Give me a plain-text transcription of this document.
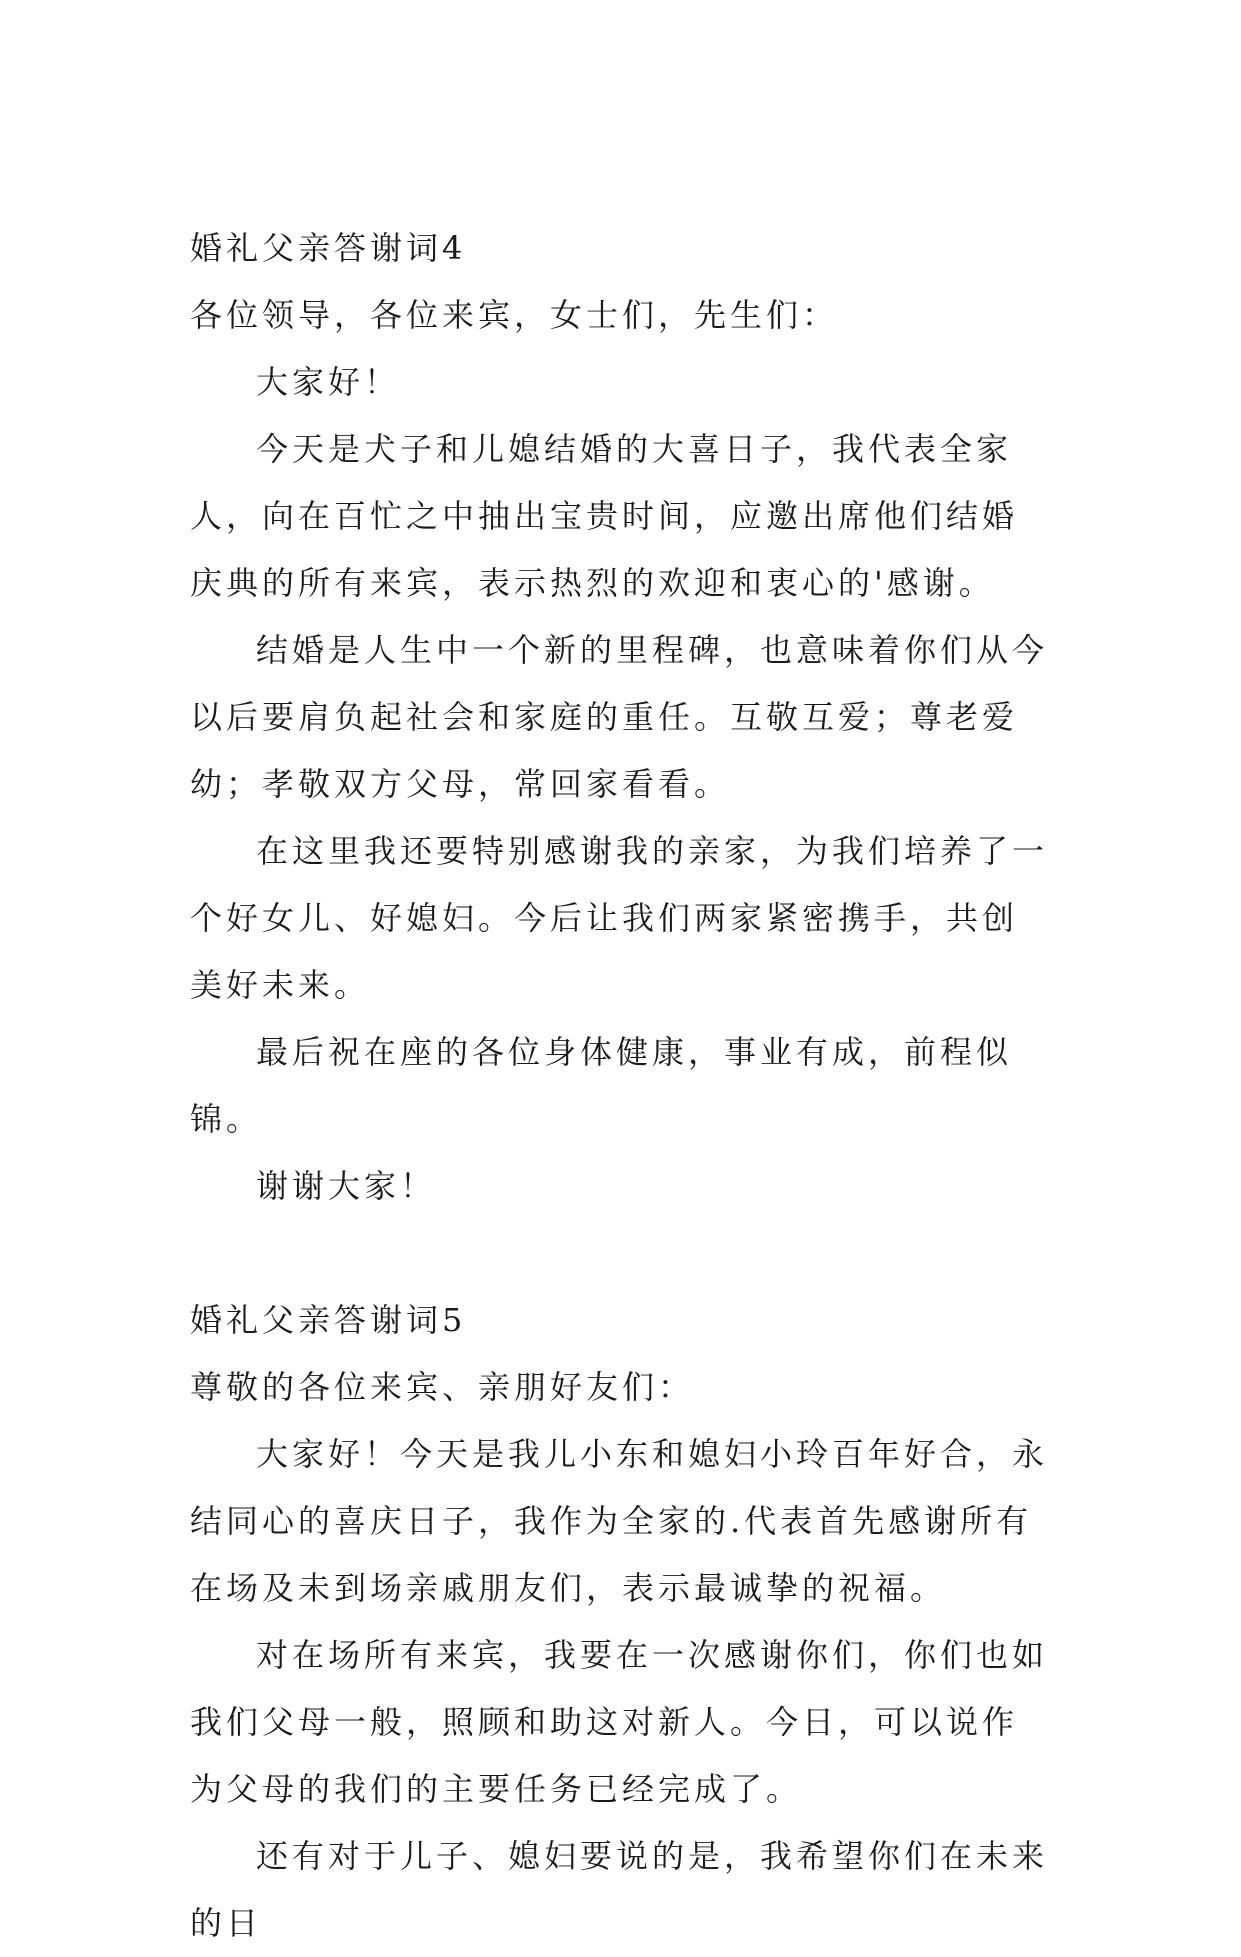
婚礼父亲答谢词4

各位领导，各位来宾，女士们，先生们：

大家好！

今天是犬子和儿媳结婚的大喜日子，我代表全家人，向在百忙之中抽出宝贵时间，应邀出席他们结婚庆典的所有来宾，表示热烈的欢迎和衷心的'感谢。

结婚是人生中一个新的里程碑，也意味着你们从今以后要肩负起社会和家庭的重任。互敬互爱；尊老爱幼；孝敬双方父母，常回家看看。

在这里我还要特别感谢我的亲家，为我们培养了一个好女儿、好媳妇。今后让我们两家紧密携手，共创美好未来。

最后祝在座的各位身体健康，事业有成，前程似锦。

谢谢大家！

婚礼父亲答谢词5

尊敬的各位来宾、亲朋好友们：

大家好！今天是我儿小东和媳妇小玲百年好合，永结同心的喜庆日子，我作为全家的.代表首先感谢所有在场及未到场亲戚朋友们，表示最诚挚的祝福。

对在场所有来宾，我要在一次感谢你们，你们也如我们父母一般，照顾和助这对新人。今日，可以说作为父母的我们的主要任务已经完成了。

还有对于儿子、媳妇要说的是，我希望你们在未来的日
